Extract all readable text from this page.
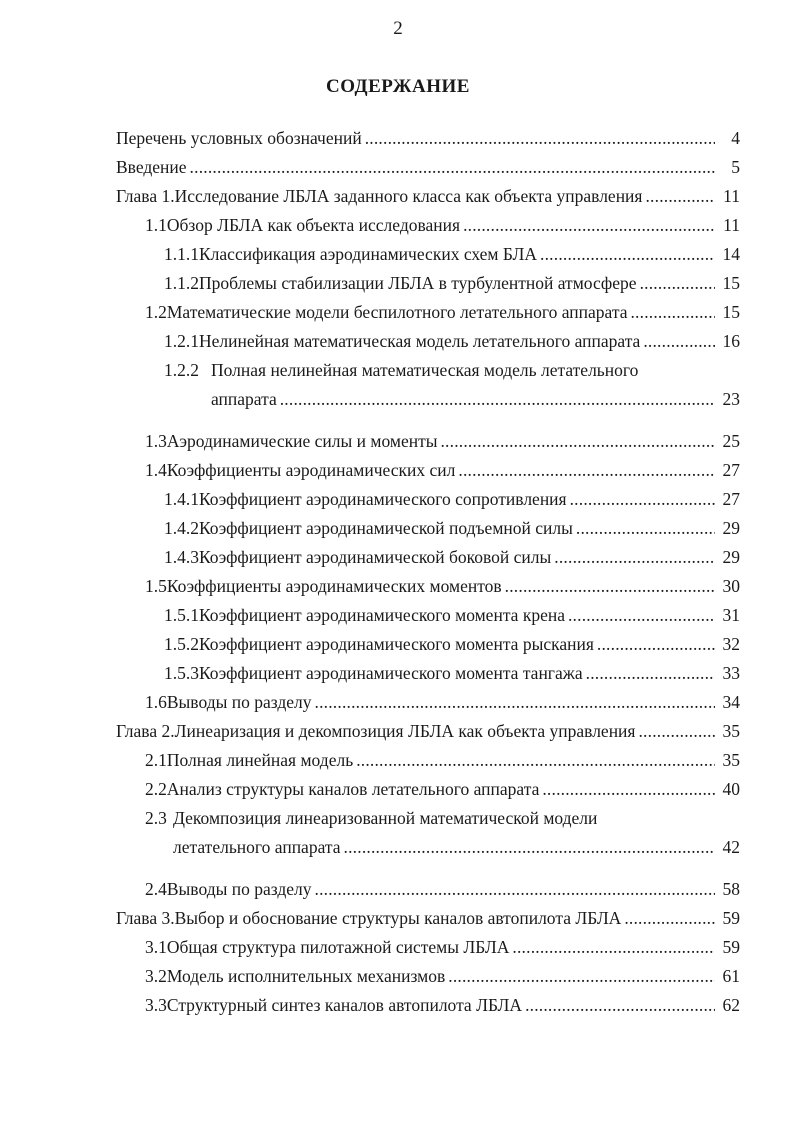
2
СОДЕРЖАНИЕ
Перечень условных обозначений .....	4
Введение .....	5
Глава 1. Исследование ЛБЛА заданного класса как объекта управления .....	11
1.1 Обзор ЛБЛА как объекта исследования .....	11
1.1.1 Классификация аэродинамических схем БЛА .....	14
1.1.2 Проблемы стабилизации ЛБЛА в турбулентной атмосфере .....	15
1.2 Математические модели беспилотного летательного аппарата .....	15
1.2.1 Нелинейная математическая модель летательного аппарата .....	16
1.2.2 Полная нелинейная математическая модель летательного
аппарата .....	23
1.3 Аэродинамические силы и моменты .....	25
1.4 Коэффициенты аэродинамических сил .....	27
1.4.1 Коэффициент аэродинамического сопротивления .....	27
1.4.2 Коэффициент аэродинамической подъемной силы .....	29
1.4.3 Коэффициент аэродинамической боковой силы .....	29
1.5 Коэффициенты аэродинамических моментов .....	30
1.5.1 Коэффициент аэродинамического момента крена .....	31
1.5.2 Коэффициент аэродинамического момента рыскания .....	32
1.5.3 Коэффициент аэродинамического момента тангажа .....	33
1.6 Выводы по разделу .....	34
Глава 2. Линеаризация и декомпозиция ЛБЛА как объекта управления .....	35
2.1 Полная линейная модель .....	35
2.2 Анализ структуры каналов летательного аппарата .....	40
2.3 Декомпозиция линеаризованной математической модели
летательного аппарата .....	42
2.4 Выводы по разделу .....	58
Глава 3. Выбор и обоснование структуры каналов автопилота ЛБЛА .....	59
3.1 Общая структура пилотажной системы ЛБЛА .....	59
3.2 Модель исполнительных механизмов .....	61
3.3 Структурный синтез каналов автопилота ЛБЛА .....	62
